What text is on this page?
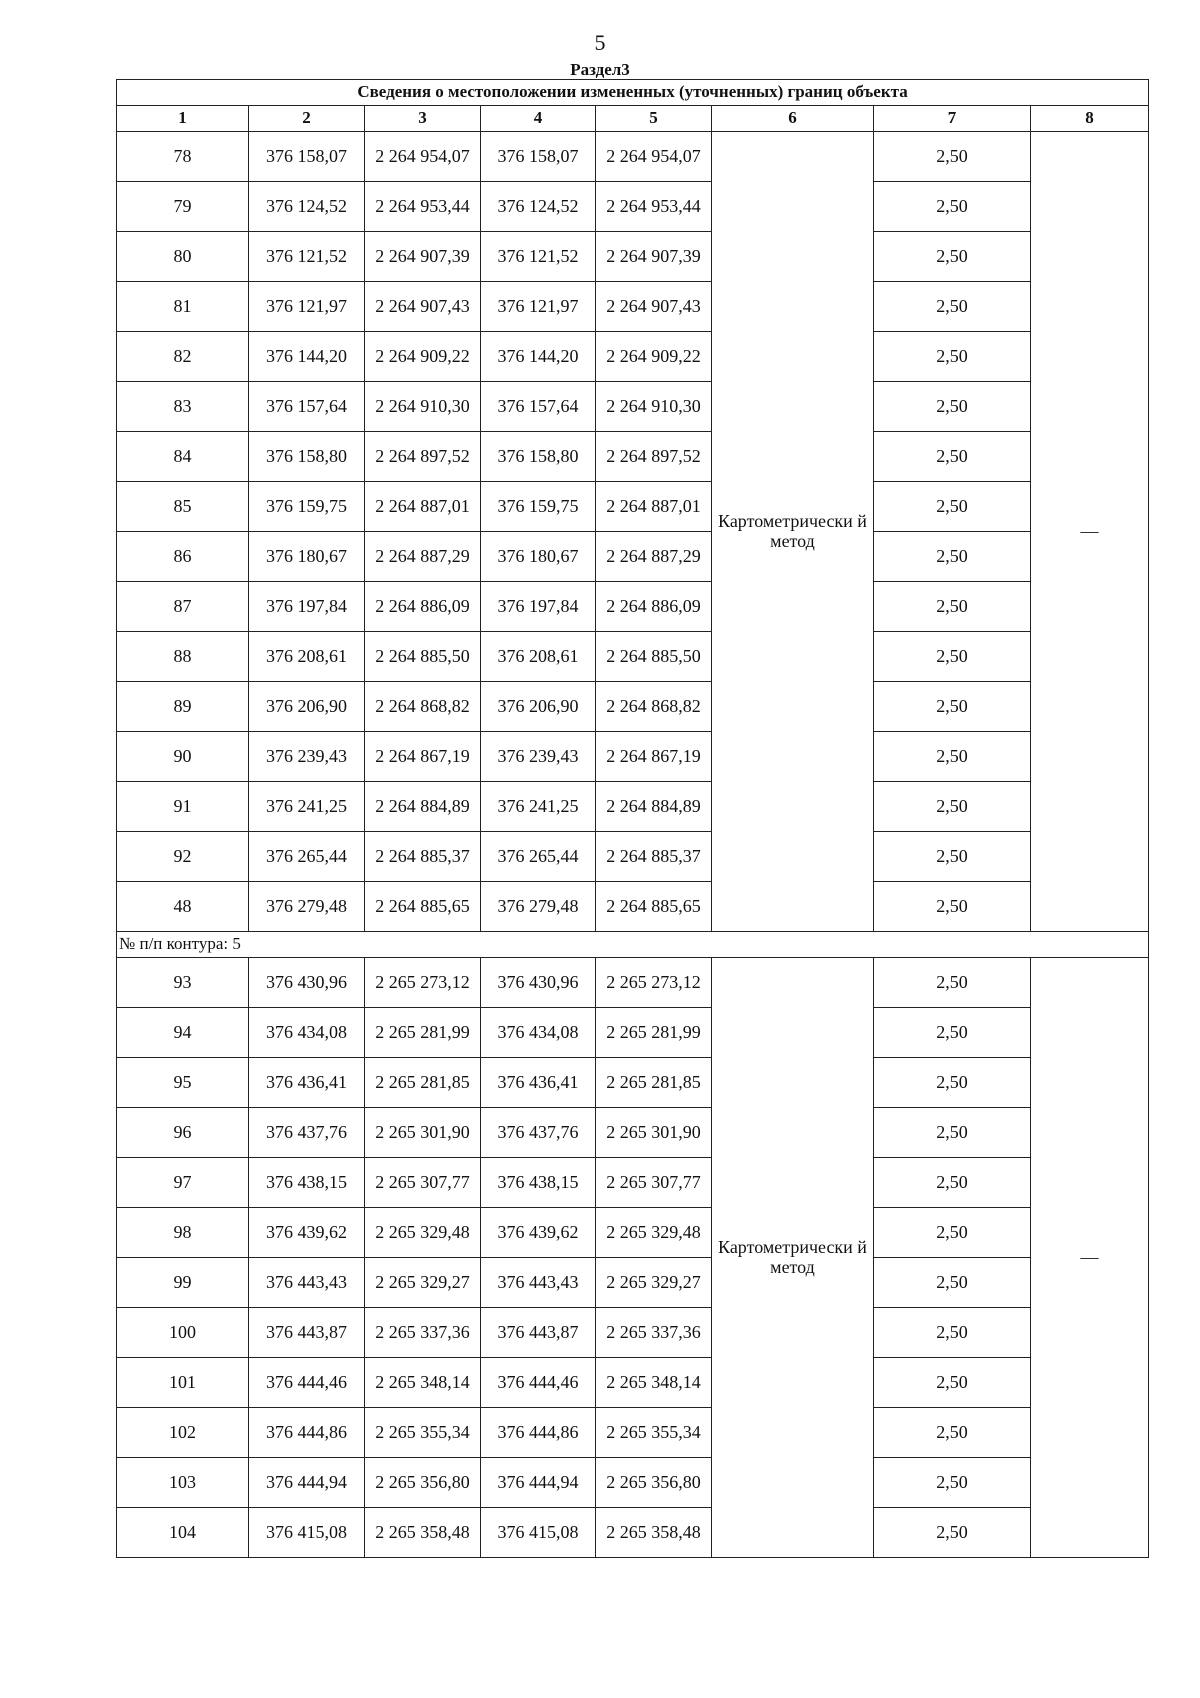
5
Раздел3
Сведения о местоположении измененных (уточненных) границ объекта							
1	2	3	4	5	6	7	8
78	376 158,07	2 264 954,07	376 158,07	2 264 954,07	Картометрически й метод	2,50	—
79	376 124,52	2 264 953,44	376 124,52	2 264 953,44		2,50	
80	376 121,52	2 264 907,39	376 121,52	2 264 907,39		2,50	
81	376 121,97	2 264 907,43	376 121,97	2 264 907,43		2,50	
82	376 144,20	2 264 909,22	376 144,20	2 264 909,22		2,50	
83	376 157,64	2 264 910,30	376 157,64	2 264 910,30		2,50	
84	376 158,80	2 264 897,52	376 158,80	2 264 897,52		2,50	
85	376 159,75	2 264 887,01	376 159,75	2 264 887,01		2,50	
86	376 180,67	2 264 887,29	376 180,67	2 264 887,29		2,50	
87	376 197,84	2 264 886,09	376 197,84	2 264 886,09		2,50	
88	376 208,61	2 264 885,50	376 208,61	2 264 885,50		2,50	
89	376 206,90	2 264 868,82	376 206,90	2 264 868,82		2,50	
90	376 239,43	2 264 867,19	376 239,43	2 264 867,19		2,50	
91	376 241,25	2 264 884,89	376 241,25	2 264 884,89		2,50	
92	376 265,44	2 264 885,37	376 265,44	2 264 885,37		2,50	
48	376 279,48	2 264 885,65	376 279,48	2 264 885,65		2,50	
№ п/п контура: 5							
93	376 430,96	2 265 273,12	376 430,96	2 265 273,12	Картометрически й метод	2,50	—
94	376 434,08	2 265 281,99	376 434,08	2 265 281,99		2,50	
95	376 436,41	2 265 281,85	376 436,41	2 265 281,85		2,50	
96	376 437,76	2 265 301,90	376 437,76	2 265 301,90		2,50	
97	376 438,15	2 265 307,77	376 438,15	2 265 307,77		2,50	
98	376 439,62	2 265 329,48	376 439,62	2 265 329,48		2,50	
99	376 443,43	2 265 329,27	376 443,43	2 265 329,27		2,50	
100	376 443,87	2 265 337,36	376 443,87	2 265 337,36		2,50	
101	376 444,46	2 265 348,14	376 444,46	2 265 348,14		2,50	
102	376 444,86	2 265 355,34	376 444,86	2 265 355,34		2,50	
103	376 444,94	2 265 356,80	376 444,94	2 265 356,80		2,50	
104	376 415,08	2 265 358,48	376 415,08	2 265 358,48		2,50	
